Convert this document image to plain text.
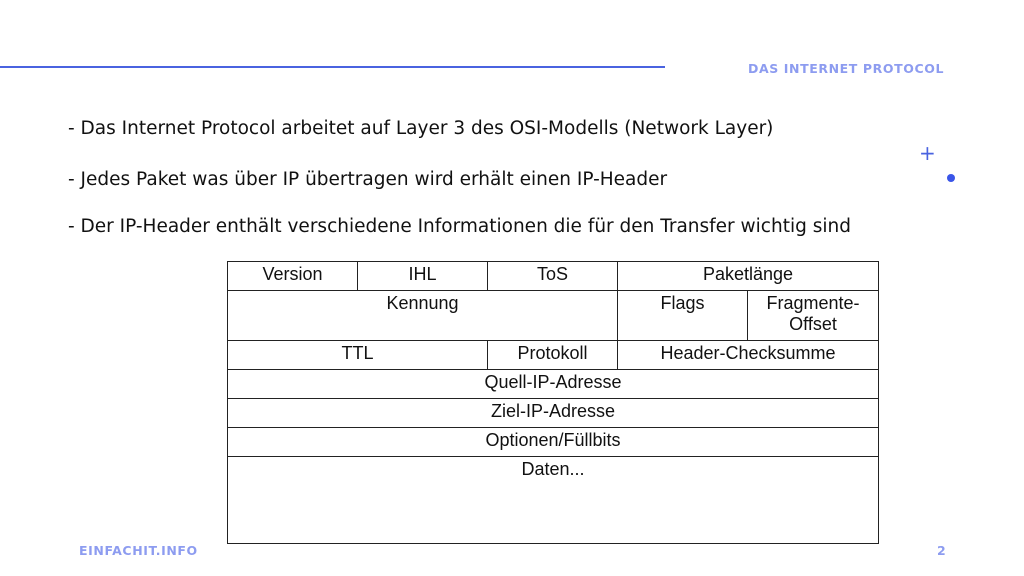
DAS INTERNET PROTOCOL
+
- Das Internet Protocol arbeitet auf Layer 3 des OSI-Modells (Network Layer)
- Jedes Paket was über IP übertragen wird erhält einen IP-Header
- Der IP-Header enthält verschiedene Informationen die für den Transfer wichtig sind
Version	IHL	ToS	Paketlänge	
Kennung			Flags	Fragmente-
Offset
TTL		Protokoll	Header-Checksumme	
Quell-IP-Adresse				
Ziel-IP-Adresse				
Optionen/Füllbits				
Daten...				
EINFACHIT.INFO	2
